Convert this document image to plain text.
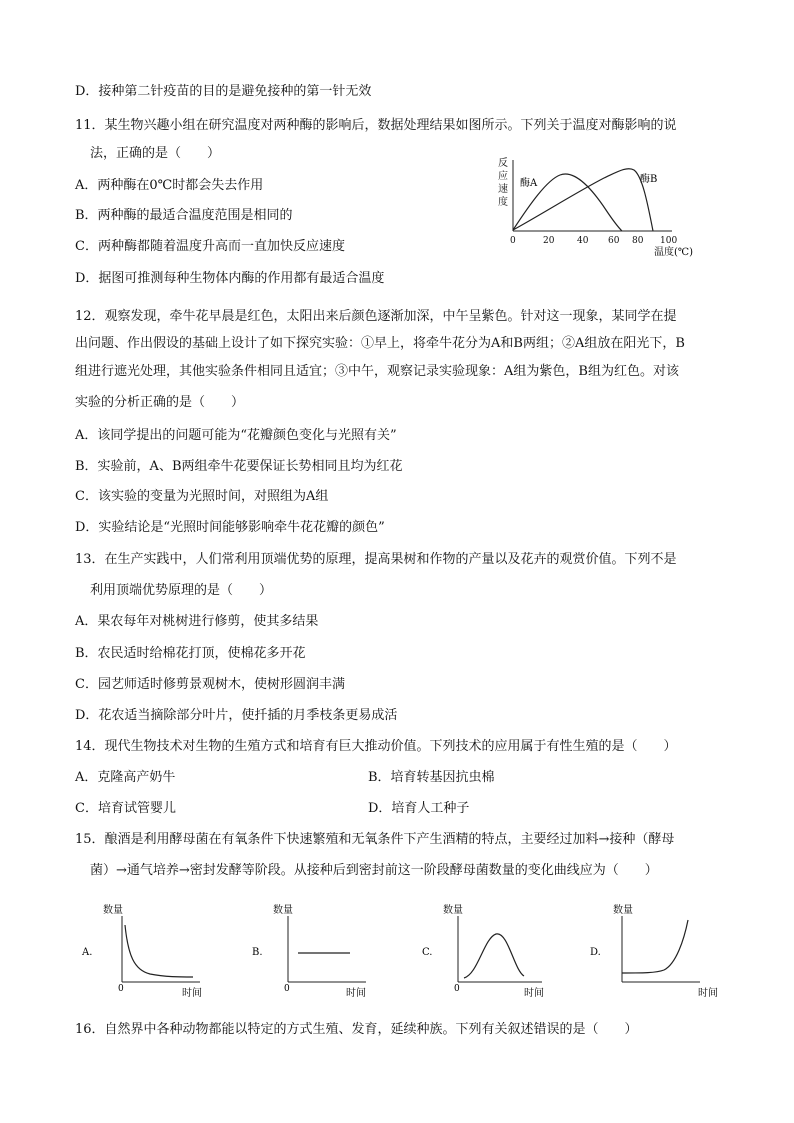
D．接种第二针疫苗的目的是避免接种的第一针无效
11．某生物兴趣小组在研究温度对两种酶的影响后，数据处理结果如图所示。下列关于温度对酶影响的说
法，正确的是（　　）
A．两种酶在0℃时都会失去作用
B．两种酶的最适合温度范围是相同的
C．两种酶都随着温度升高而一直加快反应速度
D．据图可推测每种生物体内酶的作用都有最适合温度
反
应
速
度
酶A	酶B
0	20	40 60 80 100
温度(℃)
12．观察发现，牵牛花早晨是红色，太阳出来后颜色逐渐加深，中午呈紫色。针对这一现象，某同学在提
出问题、作出假设的基础上设计了如下探究实验：①早上，将牵牛花分为A和B两组；②A组放在阳光下，B
组进行遮光处理，其他实验条件相同且适宜；③中午，观察记录实验现象：A组为紫色，B组为红色。对该
实验的分析正确的是（　　）
A．该同学提出的问题可能为“花瓣颜色变化与光照有关”
B．实验前，A、B两组牵牛花要保证长势相同且均为红花
C．该实验的变量为光照时间，对照组为A组
D．实验结论是“光照时间能够影响牵牛花花瓣的颜色”
13．在生产实践中，人们常利用顶端优势的原理，提高果树和作物的产量以及花卉的观赏价值。下列不是
利用顶端优势原理的是（　　）
A．果农每年对桃树进行修剪，使其多结果
B．农民适时给棉花打顶，使棉花多开花
C．园艺师适时修剪景观树木，使树形圆润丰满
D．花农适当摘除部分叶片，使扦插的月季枝条更易成活
14．现代生物技术对生物的生殖方式和培育有巨大推动价值。下列技术的应用属于有性生殖的是（　　）
A．克隆高产奶牛	B．培育转基因抗虫棉
C．培育试管婴儿	D．培育人工种子
15．酿酒是利用酵母菌在有氧条件下快速繁殖和无氧条件下产生酒精的特点，主要经过加料→接种（酵母
菌）→通气培养→密封发酵等阶段。从接种后到密封前这一阶段酵母菌数量的变化曲线应为（　　）
数量
A.
0	时间
数量
B.
0	时间
数量
C.
0	时间
数量
D.
时间
16．自然界中各种动物都能以特定的方式生殖、发育，延续种族。下列有关叙述错误的是（　　）
